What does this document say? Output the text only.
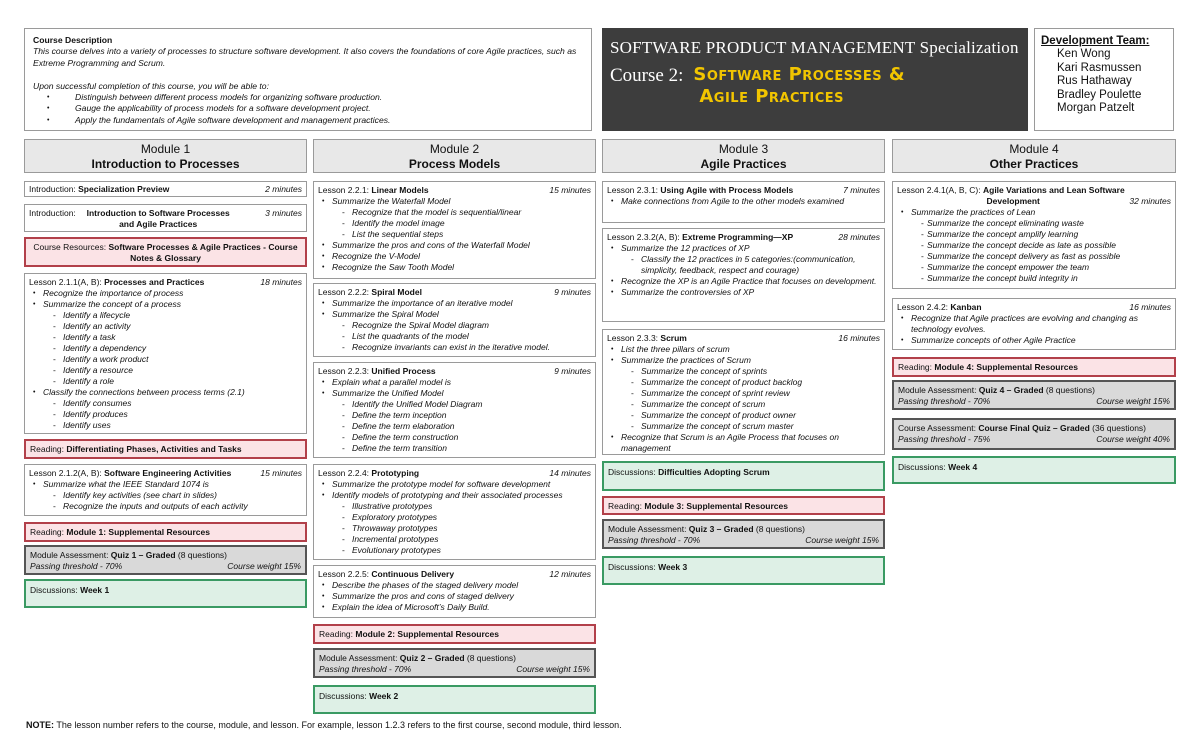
Course Description
This course delves into a variety of processes to structure software development. It also covers the foundations of core Agile practices, such as Extreme Programming and Scrum.

Upon successful completion of this course, you will be able to:
• Distinguish between different process models for organizing software production.
• Gauge the applicability of process models for a software development project.
• Apply the fundamentals of Agile software development and management practices.
SOFTWARE PRODUCT MANAGEMENT Specialization
Course 2: Software Processes &
Agile Practices
Development Team:
Ken Wong
Kari Rasmussen
Rus Hathaway
Bradley Poulette
Morgan Patzelt
Module 1
Introduction to Processes
Module 2
Process Models
Module 3
Agile Practices
Module 4
Other Practices
Introduction: Specialization Preview	2 minutes
Introduction: Introduction to Software Processes and Agile Practices
3 minutes
Course Resources: Software Processes & Agile Practices - Course Notes & Glossary
Lesson 2.1.1(A, B): Processes and Practices	18 minutes
• Recognize the importance of process
• Summarize the concept of a process
- Identify a lifecycle
- Identify an activity
- Identify a task
- Identify a dependency
- Identify a work product
- Identify a resource
- Identify a role
• Classify the connections between process terms (2.1)
- Identify consumes
- Identify produces
- Identify uses
Reading: Differentiating Phases, Activities and Tasks
Lesson 2.1.2(A, B): Software Engineering Activities	15 minutes
• Summarize what the IEEE Standard 1074 is
- Identify key activities (see chart in slides)
- Recognize the inputs and outputs of each activity
Reading: Module 1: Supplemental Resources
Module Assessment: Quiz 1 – Graded (8 questions)
Passing threshold - 70%	Course weight 15%
Discussions: Week 1
Lesson 2.2.1: Linear Models	15 minutes
• Summarize the Waterfall Model
- Recognize that the model is sequential/linear
- Identify the model image
- List the sequential steps
• Summarize the pros and cons of the Waterfall Model
• Recognize the V-Model
• Recognize the Saw Tooth Model
Lesson 2.2.2: Spiral Model	9 minutes
• Summarize the importance of an iterative model
• Summarize the Spiral Model
- Recognize the Spiral Model diagram
- List the quadrants of the model
- Recognize invariants can exist in the iterative model.
Lesson 2.2.3: Unified Process	9 minutes
• Explain what a parallel model is
• Summarize the Unified Model
- Identify the Unified Model Diagram
- Define the term inception
- Define the term elaboration
- Define the term construction
- Define the term transition
Lesson 2.2.4: Prototyping	14 minutes
• Summarize the prototype model for software development
• Identify models of prototyping and their associated processes
- Illustrative prototypes
- Exploratory prototypes
- Throwaway prototypes
- Incremental prototypes
- Evolutionary prototypes
Lesson 2.2.5: Continuous Delivery	12 minutes
• Describe the phases of the staged delivery model
• Summarize the pros and cons of staged delivery
• Explain the idea of Microsoft’s Daily Build.
Reading: Module 2: Supplemental Resources
Module Assessment: Quiz 2 – Graded (8 questions)
Passing threshold - 70%	Course weight 15%
Discussions: Week 2
Lesson 2.3.1: Using Agile with Process Models	7 minutes
• Make connections from Agile to the other models examined
Lesson 2.3.2(A, B): Extreme Programming—XP	28 minutes
• Summarize the 12 practices of XP
- Classify the 12 practices in 5 categories:(communication, simplicity, feedback, respect and courage)
• Recognize the XP is an Agile Practice that focuses on development.
• Summarize the controversies of XP
Lesson 2.3.3: Scrum	16 minutes
• List the three pillars of scrum
• Summarize the practices of Scrum
- Summarize the concept of sprints
- Summarize the concept of product backlog
- Summarize the concept of sprint review
- Summarize the concept of scrum
- Summarize the concept of product owner
- Summarize the concept of scrum master
• Recognize that Scrum is an Agile Process that focuses on management
Discussions: Difficulties Adopting Scrum
Reading: Module 3: Supplemental Resources
Module Assessment: Quiz 3 – Graded (8 questions)
Passing threshold - 70%	Course weight 15%
Discussions: Week 3
Lesson 2.4.1(A, B, C): Agile Variations and Lean Software
Development	32 minutes
• Summarize the practices of Lean
- Summarize the concept eliminating waste
- Summarize the concept amplify learning
- Summarize the concept decide as late as possible
- Summarize the concept delivery as fast as possible
- Summarize the concept empower the team
- Summarize the concept build integrity in
Lesson 2.4.2: Kanban	16 minutes
• Recognize that Agile practices are evolving and changing as technology evolves.
• Summarize concepts of other Agile Practice
Reading: Module 4: Supplemental Resources
Module Assessment: Quiz 4 – Graded (8 questions)
Passing threshold - 70%	Course weight 15%
Course Assessment: Course Final Quiz – Graded (36 questions)
Passing threshold - 75%	Course weight 40%
Discussions: Week 4
NOTE: The lesson number refers to the course, module, and lesson. For example, lesson 1.2.3 refers to the first course, second module, third lesson.
